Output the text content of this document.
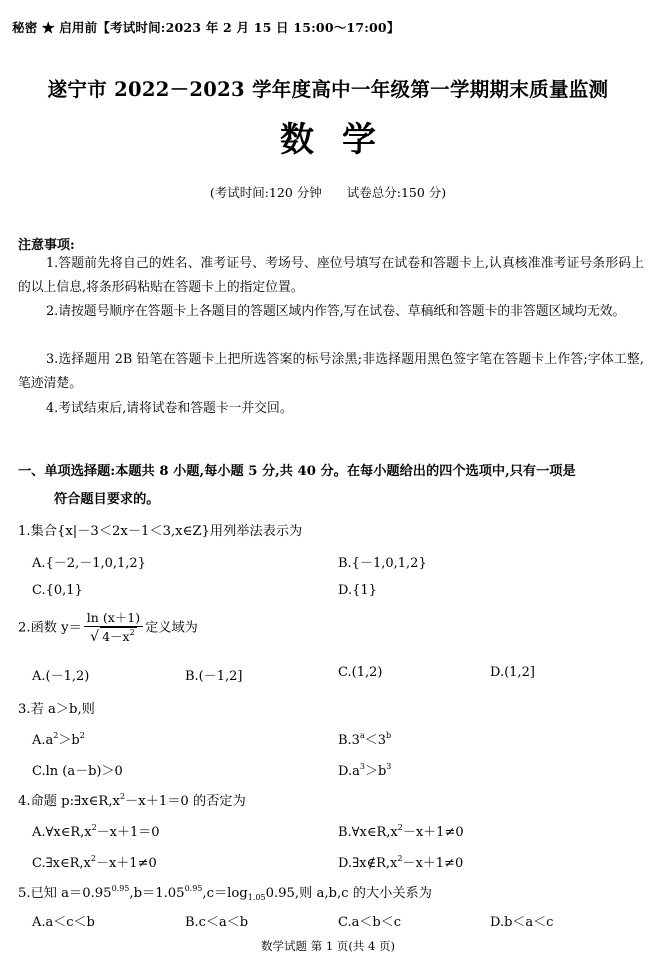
秘密 ★ 启用前【考试时间:2023 年 2 月 15 日 15:00～17:00】
遂宁市 2022－2023 学年度高中一年级第一学期期末质量监测
数学
(考试时间:120 分钟　　试卷总分:150 分)
注意事项:
1.答题前先将自己的姓名、准考证号、考场号、座位号填写在试卷和答题卡上,认真核准准考证号条形码上的以上信息,将条形码粘贴在答题卡上的指定位置。
2.请按题号顺序在答题卡上各题目的答题区域内作答,写在试卷、草稿纸和答题卡的非答题区域均无效。
3.选择题用 2B 铅笔在答题卡上把所选答案的标号涂黑;非选择题用黑色签字笔在答题卡上作答;字体工整,笔迹清楚。
4.考试结束后,请将试卷和答题卡一并交回。
一、单项选择题:本题共 8 小题,每小题 5 分,共 40 分。在每小题给出的四个选项中,只有一项是
符合题目要求的。
1.集合{x|－3＜2x－1＜3,x∈Z}用列举法表示为
A.{－2,－1,0,1,2}	B.{－1,0,1,2}
C.{0,1}	D.{1}
2.函数 $y= \frac{\ln (x+1)}{√ 4-x^2}$ 定义域为
A.(－1,2)	B.(－1,2]	C.(1,2)	D.(1,2]
3.若 a＞b,则
$A.a^2>b^2$	$B.3^a<3^b$
C.ln (a－b)＞0	$D.a^3>b^3$
4.命题 $p:\exists x\in R,x^2-x+1=0$ 的否定为
$A.\forall x\in R,x^2-x+1=0$	$B.\forall x\in R,x^2-x+1\ne 0$
$C.\exists x\in R,x^2-x+1\ne 0$	$D.\exists x\notin R,x^2-x+1\ne 0$
5.已知 $a=0.95^{0.95},b=1.05^{0.95},c=\log_{1.05}0.95$,则 a,b,c 的大小关系为
A.a＜c＜b	B.c＜a＜b	C.a＜b＜c	D.b＜a＜c
数学试题 第 1 页(共 4 页)
